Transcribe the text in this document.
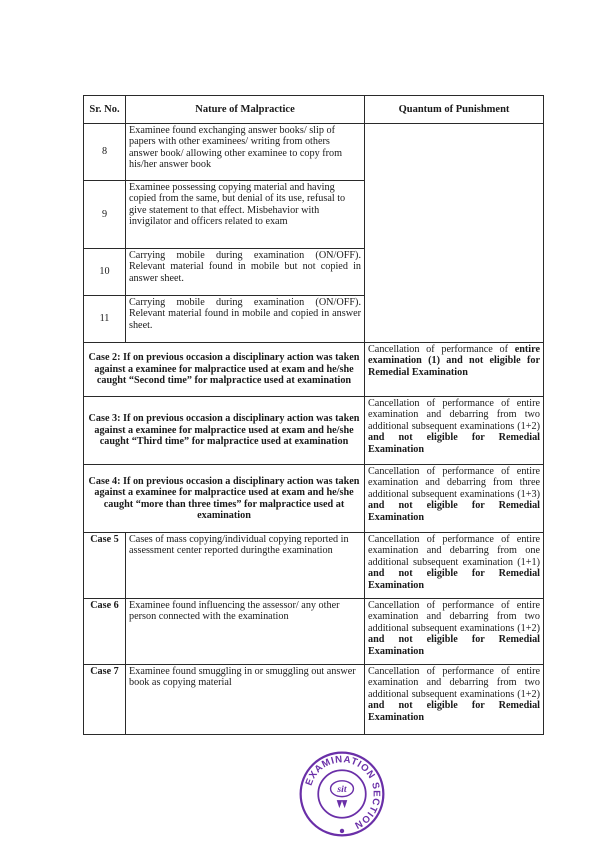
Sr. No.	Nature of Malpractice	Quantum of Punishment
8	Examinee found exchanging answer books/ slip of papers with other examinees/ writing from others answer book/ allowing other examinee to copy from his/her answer book	
9	Examinee possessing copying material and having copied from the same, but denial of its use, refusal to give statement to that effect. Misbehavior with invigilator and officers related to exam	
10	Carrying mobile during examination (ON/OFF). Relevant material found in mobile but not copied in answer sheet.	
11	Carrying mobile during examination (ON/OFF). Relevant material found in mobile and copied in answer sheet.	
Case 2: If on previous occasion a disciplinary action was taken against a examinee for malpractice used at exam and he/she caught “Second time” for malpractice used at examination		Cancellation of performance of entire examination (1) and not eligible for Remedial Examination
Case 3: If on previous occasion a disciplinary action was taken against a examinee for malpractice used at exam and he/she caught “Third time” for malpractice used at examination		Cancellation of performance of entire examination and debarring from two additional subsequent examinations (1+2) and not eligible for Remedial Examination
Case 4: If on previous occasion a disciplinary action was taken against a examinee for malpractice used at exam and he/she caught “more than three times” for malpractice used at examination		Cancellation of performance of entire examination and debarring from three additional subsequent examinations (1+3) and not eligible for Remedial Examination
Case 5	Cases of mass copying/individual copying reported in assessment center reported duringthe examination	Cancellation of performance of entire examination and debarring from one additional subsequent examination (1+1) and not eligible for Remedial Examination
Case 6	Examinee found influencing the assessor/ any other person connected with the examination	Cancellation of performance of entire examination and debarring from two additional subsequent examinations (1+2) and not eligible for Remedial Examination
Case 7	Examinee found smuggling in or smuggling out answer book as copying material	Cancellation of performance of entire examination and debarring from two additional subsequent examinations (1+2) and not eligible for Remedial Examination
EXAMINATION SECTION
sit
